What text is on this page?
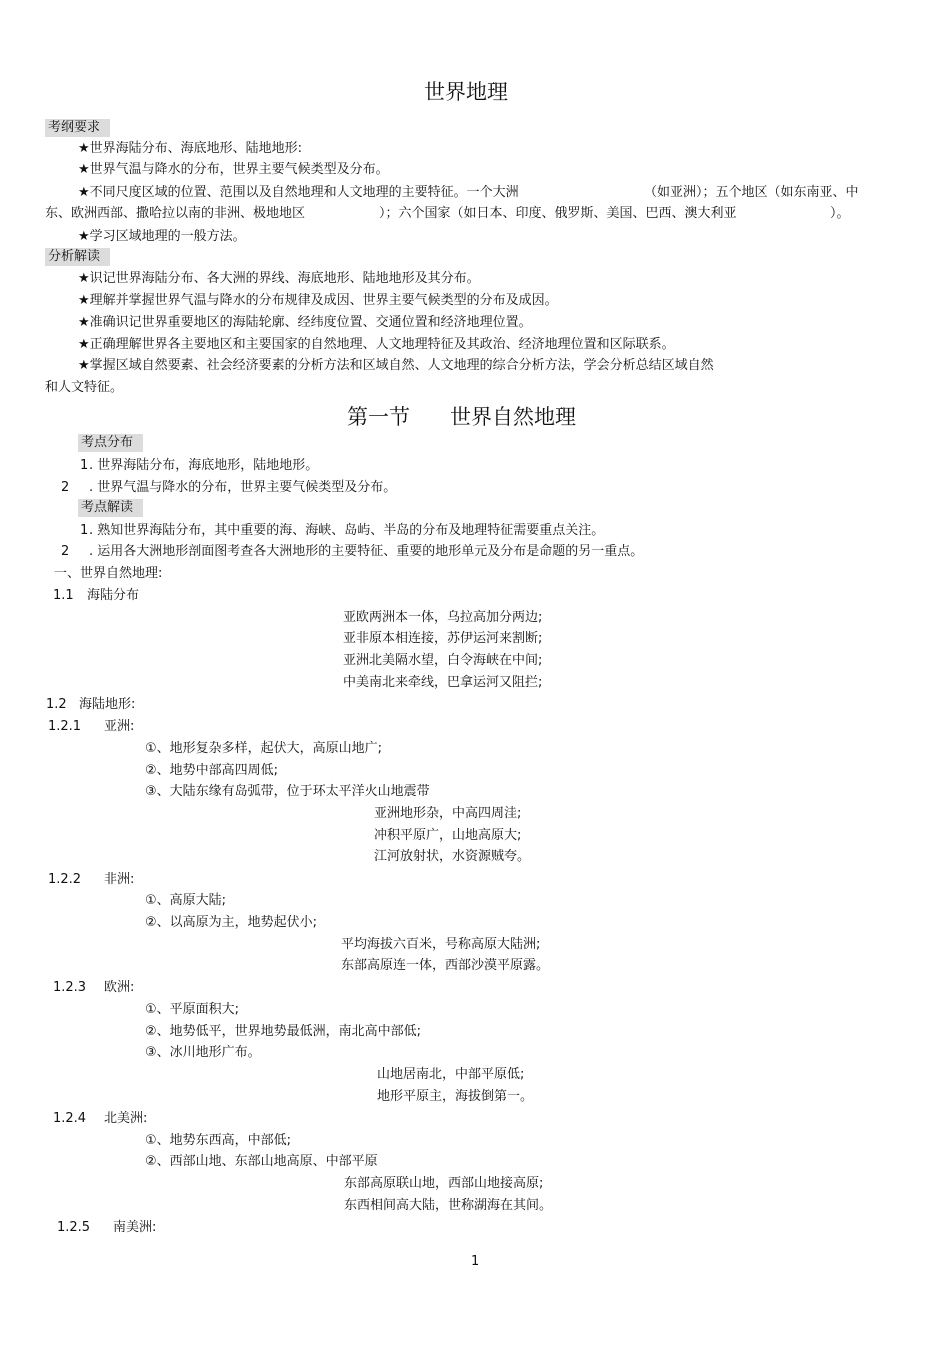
世界地理
考纲要求
★世界海陆分布、海底地形、陆地地形:
★世界气温与降水的分布，世界主要气候类型及分布。
★不同尺度区域的位置、范围以及自然地理和人文地理的主要特征。一个大洲	（如亚洲）；五个地区（如东南亚、中
东、欧洲西部、撒哈拉以南的非洲、极地地区	）；六个国家（如日本、印度、俄罗斯、美国、巴西、澳大利亚	）。
★学习区域地理的一般方法。
分析解读
★识记世界海陆分布、各大洲的界线、海底地形、陆地地形及其分布。
★理解并掌握世界气温与降水的分布规律及成因、世界主要气候类型的分布及成因。
★准确识记世界重要地区的海陆轮廓、经纬度位置、交通位置和经济地理位置。
★正确理解世界各主要地区和主要国家的自然地理、人文地理特征及其政治、经济地理位置和区际联系。
★掌握区域自然要素、社会经济要素的分析方法和区域自然、人文地理的综合分析方法，学会分析总结区域自然
和人文特征。
第一节 世界自然地理
考点分布
1 . 世界海陆分布，海底地形，陆地地形。
2 . 世界气温与降水的分布，世界主要气候类型及分布。
考点解读
1 . 熟知世界海陆分布，其中重要的海、海峡、岛屿、半岛的分布及地理特征需要重点关注。
2 . 运用各大洲地形剖面图考查各大洲地形的主要特征、重要的地形单元及分布是命题的另一重点。
一、世界自然地理:
1.1 海陆分布
亚欧两洲本一体，乌拉高加分两边;
亚非原本相连接，苏伊运河来割断;
亚洲北美隔水望，白令海峡在中间;
中美南北来牵线，巴拿运河又阻拦;
1.2 海陆地形:
1.2.1 亚洲:
①、地形复杂多样，起伏大，高原山地广;
②、地势中部高四周低;
③、大陆东缘有岛弧带，位于环太平洋火山地震带
亚洲地形杂，中高四周洼;
冲积平原广，山地高原大;
江河放射状，水资源贼夸。
1.2.2 非洲:
①、高原大陆;
②、以高原为主，地势起伏小;
平均海拔六百米，号称高原大陆洲;
东部高原连一体，西部沙漠平原露。
1.2.3 欧洲:
①、平原面积大;
②、地势低平，世界地势最低洲，南北高中部低;
③、冰川地形广布。
山地居南北，中部平原低;
地形平原主，海拔倒第一。
1.2.4 北美洲:
①、地势东西高，中部低;
②、西部山地、东部山地高原、中部平原
东部高原联山地，西部山地接高原;
东西相间高大陆，世称湖海在其间。
1.2.5 南美洲:
1
